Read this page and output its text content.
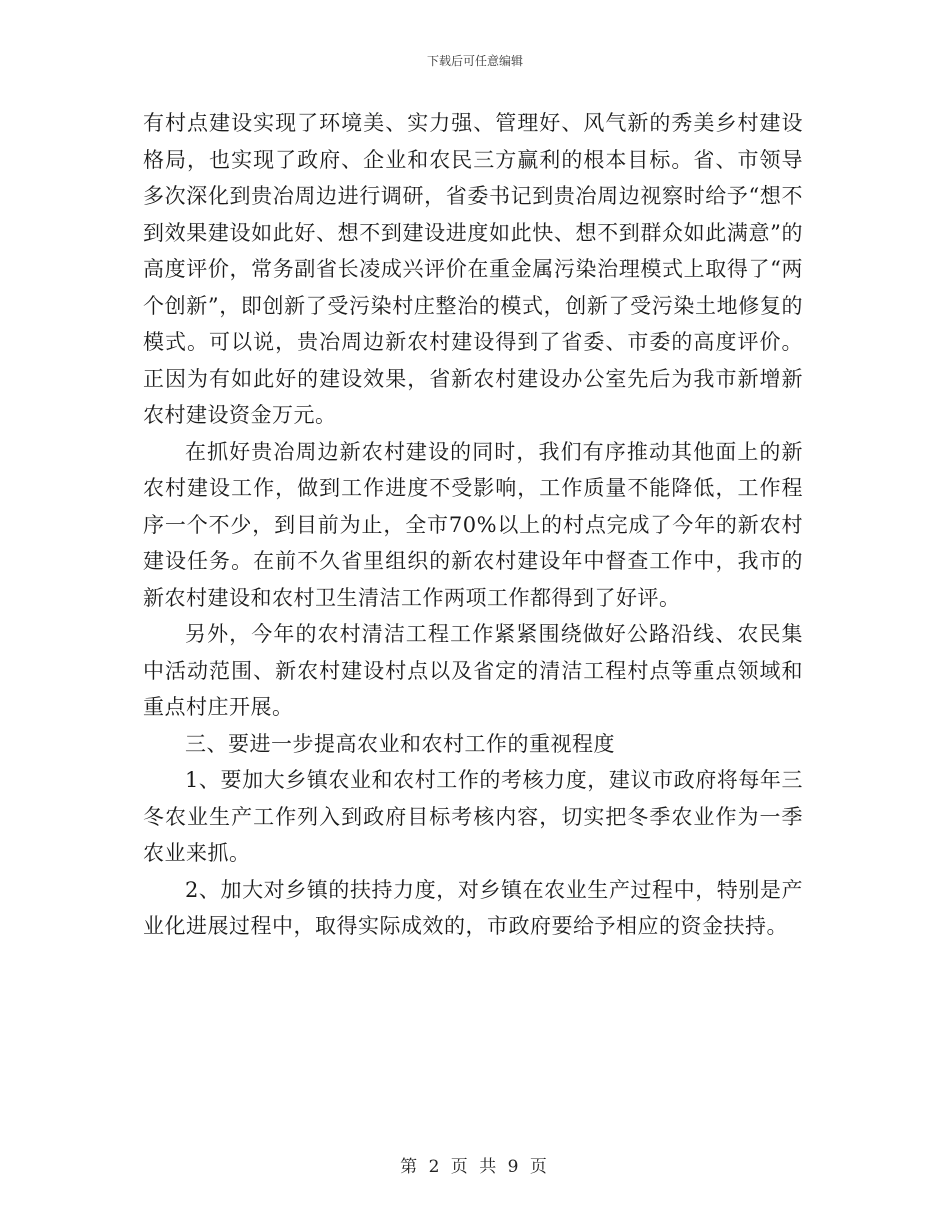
下载后可任意编辑

有村点建设实现了环境美、实力强、管理好、风气新的秀美乡村建设格局，也实现了政府、企业和农民三方赢利的根本目标。省、市领导多次深化到贵冶周边进行调研，省委书记到贵冶周边视察时给予“想不到效果建设如此好、想不到建设进度如此快、想不到群众如此满意”的高度评价，常务副省长凌成兴评价在重金属污染治理模式上取得了“两个创新”，即创新了受污染村庄整治的模式，创新了受污染土地修复的模式。可以说，贵冶周边新农村建设得到了省委、市委的高度评价。正因为有如此好的建设效果，省新农村建设办公室先后为我市新增新农村建设资金万元。

在抓好贵冶周边新农村建设的同时，我们有序推动其他面上的新农村建设工作，做到工作进度不受影响，工作质量不能降低，工作程序一个不少，到目前为止，全市70%以上的村点完成了今年的新农村建设任务。在前不久省里组织的新农村建设年中督查工作中，我市的新农村建设和农村卫生清洁工作两项工作都得到了好评。

另外，今年的农村清洁工程工作紧紧围绕做好公路沿线、农民集中活动范围、新农村建设村点以及省定的清洁工程村点等重点领域和重点村庄开展。

三、要进一步提高农业和农村工作的重视程度

1、要加大乡镇农业和农村工作的考核力度，建议市政府将每年三冬农业生产工作列入到政府目标考核内容，切实把冬季农业作为一季农业来抓。

2、加大对乡镇的扶持力度，对乡镇在农业生产过程中，特别是产业化进展过程中，取得实际成效的，市政府要给予相应的资金扶持。

第 2 页 共 9 页
